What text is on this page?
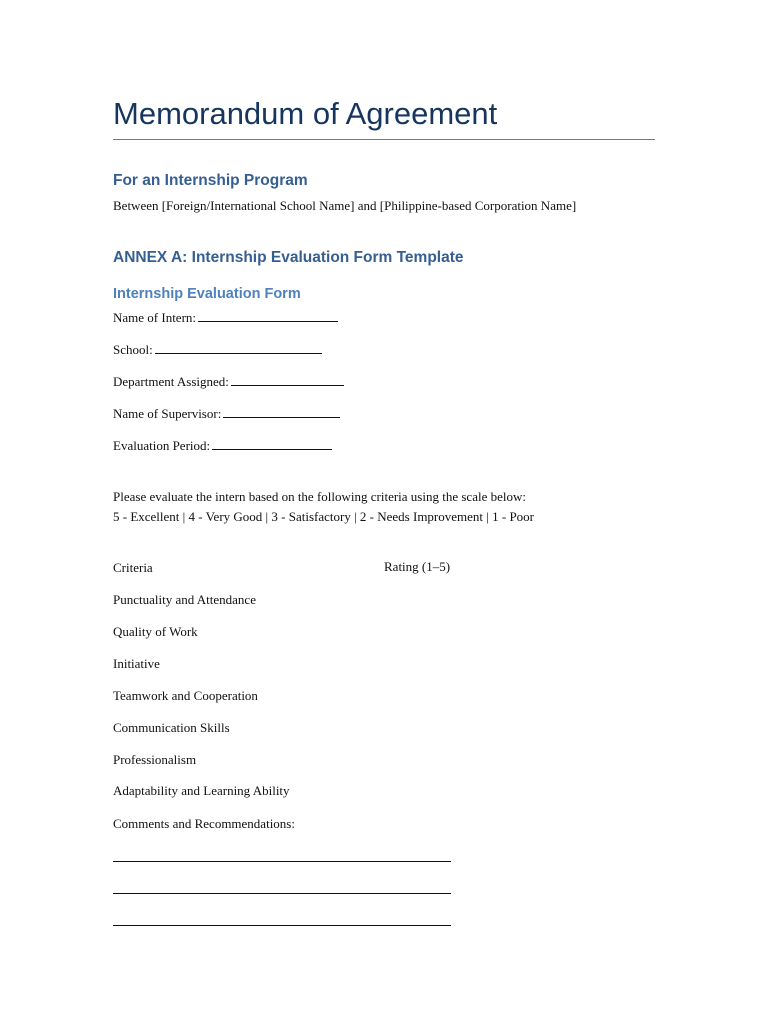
Memorandum of Agreement
For an Internship Program
Between [Foreign/International School Name] and [Philippine-based Corporation Name]
ANNEX A: Internship Evaluation Form Template
Internship Evaluation Form
Name of Intern:
School:
Department Assigned:
Name of Supervisor:
Evaluation Period:
Please evaluate the intern based on the following criteria using the scale below:
5 - Excellent | 4 - Very Good | 3 - Satisfactory | 2 - Needs Improvement | 1 - Poor
Criteria	Rating (1–5)
Punctuality and Attendance
Quality of Work
Initiative
Teamwork and Cooperation
Communication Skills
Professionalism
Adaptability and Learning Ability
Comments and Recommendations:
